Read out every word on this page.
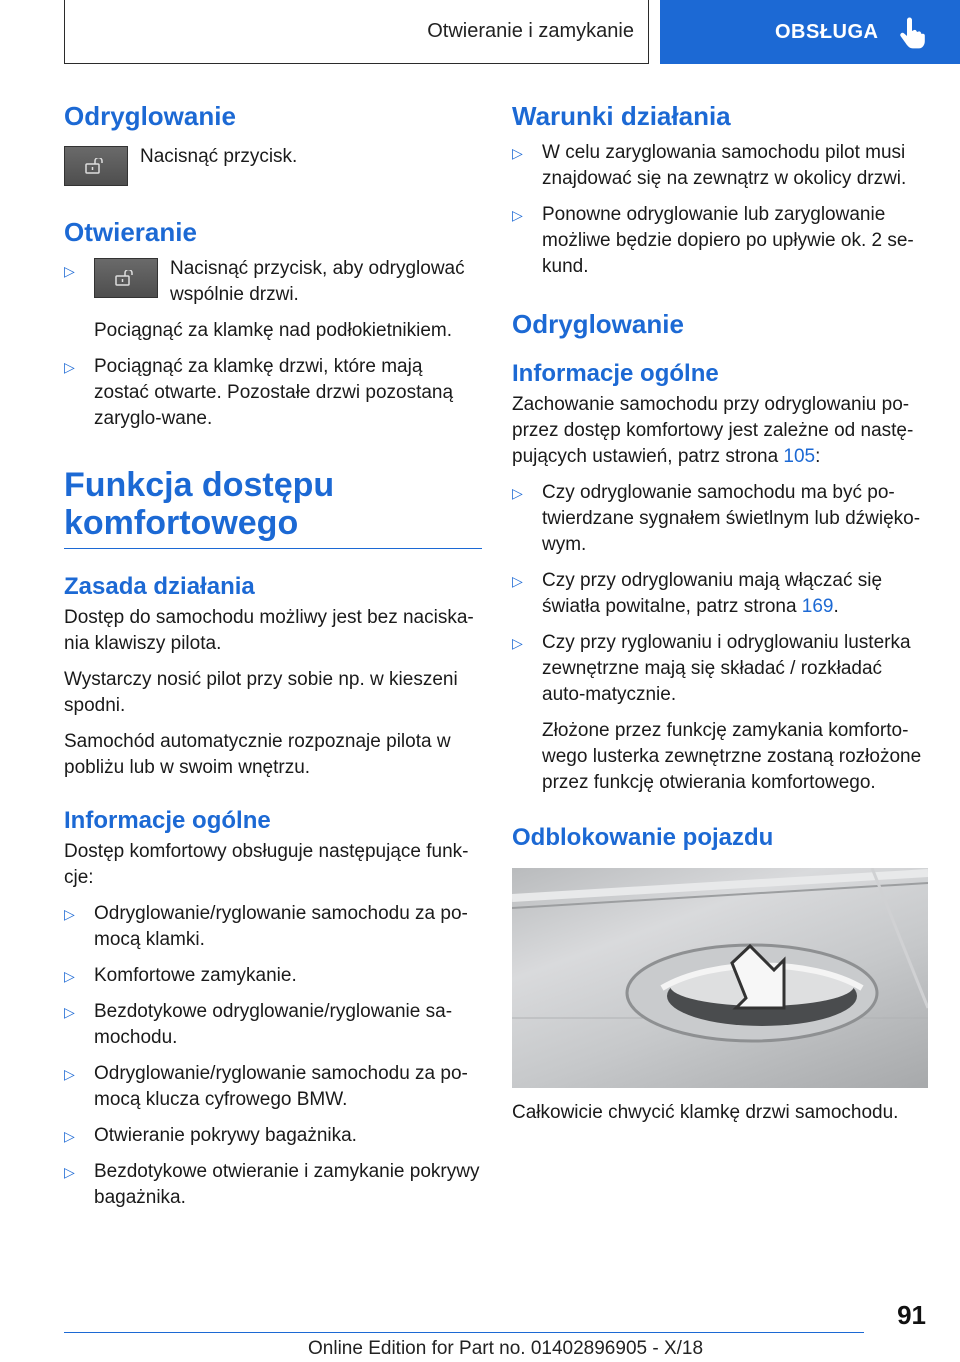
Otwieranie i zamykanie	OBSŁUGA
Odryglowanie

Nacisnąć przycisk.

Otwieranie
▷	Nacisnąć przycisk, aby odryglować wspólnie drzwi.

Pociągnąć za klamkę nad podłokietnikiem.

▷	Pociągnąć za klamkę drzwi, które mają zostać otwarte. Pozostałe drzwi pozostaną zaryglo-wane.

Funkcja dostępu
komfortowego
Zasada działania

Dostęp do samochodu możliwy jest bez naciska-nia klawiszy pilota.

Wystarczy nosić pilot przy sobie np. w kieszeni spodni.

Samochód automatycznie rozpoznaje pilota w pobliżu lub w swoim wnętrzu.

Informacje ogólne

Dostęp komfortowy obsługuje następujące funk-cje:

▷	Odryglowanie/ryglowanie samochodu za po-mocą klamki.

▷	Komfortowe zamykanie.

▷	Bezdotykowe odryglowanie/ryglowanie sa-mochodu.

▷	Odryglowanie/ryglowanie samochodu za po-mocą klucza cyfrowego BMW.

▷	Otwieranie pokrywy bagażnika.

▷	Bezdotykowe otwieranie i zamykanie pokrywy bagażnika.

Warunki działania
▷	W celu zaryglowania samochodu pilot musi znajdować się na zewnątrz w okolicy drzwi.

▷	Ponowne odryglowanie lub zaryglowanie możliwe będzie dopiero po upływie ok. 2 se-kund.

Odryglowanie
Informacje ogólne

Zachowanie samochodu przy odryglowaniu po-przez dostęp komfortowy jest zależne od nastę-pujących ustawień, patrz strona 105:

▷	Czy odryglowanie samochodu ma być po-twierdzane sygnałem świetlnym lub dźwięko-wym.

▷	Czy przy odryglowaniu mają włączać się światła powitalne, patrz strona 169.

▷	Czy przy ryglowaniu i odryglowaniu lusterka zewnętrzne mają się składać / rozkładać auto-matycznie.

Złożone przez funkcję zamykania komforto-wego lusterka zewnętrzne zostaną rozłożone przez funkcję otwierania komfortowego.

Odblokowanie pojazdu

Całkowicie chwycić klamkę drzwi samochodu.

91
Online Edition for Part no. 01402896905 - X/18
